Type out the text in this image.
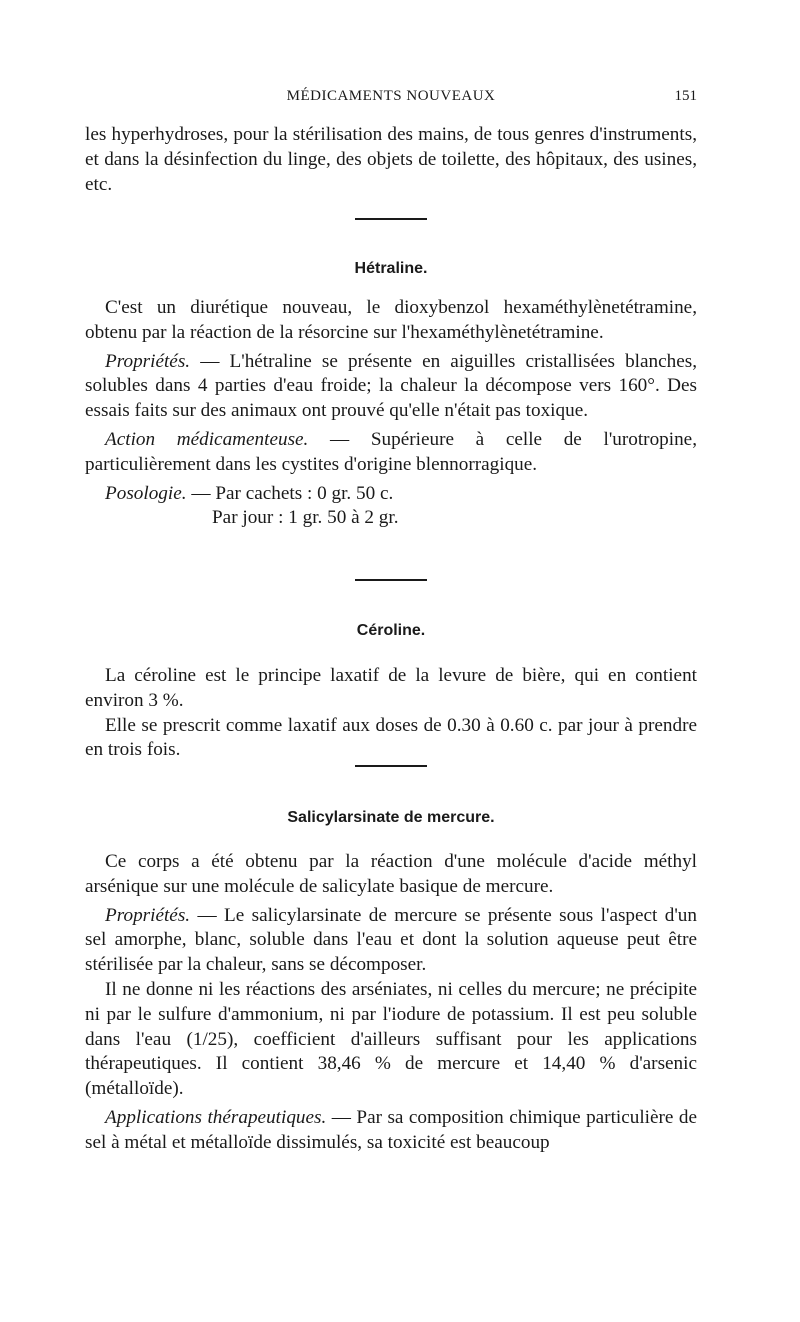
MÉDICAMENTS NOUVEAUX	151

les hyperhydroses, pour la stérilisation des mains, de tous genres d'instruments, et dans la désinfection du linge, des objets de toilette, des hôpitaux, des usines, etc.

Hétraline.

C'est un diurétique nouveau, le dioxybenzol hexaméthylènetétramine, obtenu par la réaction de la résorcine sur l'hexaméthylènetétramine.

Propriétés. — L'hétraline se présente en aiguilles cristallisées blanches, solubles dans 4 parties d'eau froide; la chaleur la décompose vers 160°. Des essais faits sur des animaux ont prouvé qu'elle n'était pas toxique.

Action médicamenteuse. — Supérieure à celle de l'urotropine, particulièrement dans les cystites d'origine blennorragique.

Posologie. — Par cachets : 0 gr. 50 c.
Par jour : 1 gr. 50 à 2 gr.
Céroline.

La céroline est le principe laxatif de la levure de bière, qui en contient environ 3 %.

Elle se prescrit comme laxatif aux doses de 0.30 à 0.60 c. par jour à prendre en trois fois.

Salicylarsinate de mercure.

Ce corps a été obtenu par la réaction d'une molécule d'acide méthyl arsénique sur une molécule de salicylate basique de mercure.

Propriétés. — Le salicylarsinate de mercure se présente sous l'aspect d'un sel amorphe, blanc, soluble dans l'eau et dont la solution aqueuse peut être stérilisée par la chaleur, sans se décomposer.

Il ne donne ni les réactions des arséniates, ni celles du mercure; ne précipite ni par le sulfure d'ammonium, ni par l'iodure de potassium. Il est peu soluble dans l'eau (1/25), coefficient d'ailleurs suffisant pour les applications thérapeutiques. Il contient 38,46 % de mercure et 14,40 % d'arsenic (métalloïde).

Applications thérapeutiques. — Par sa composition chimique particulière de sel à métal et métalloïde dissimulés, sa toxicité est beaucoup
